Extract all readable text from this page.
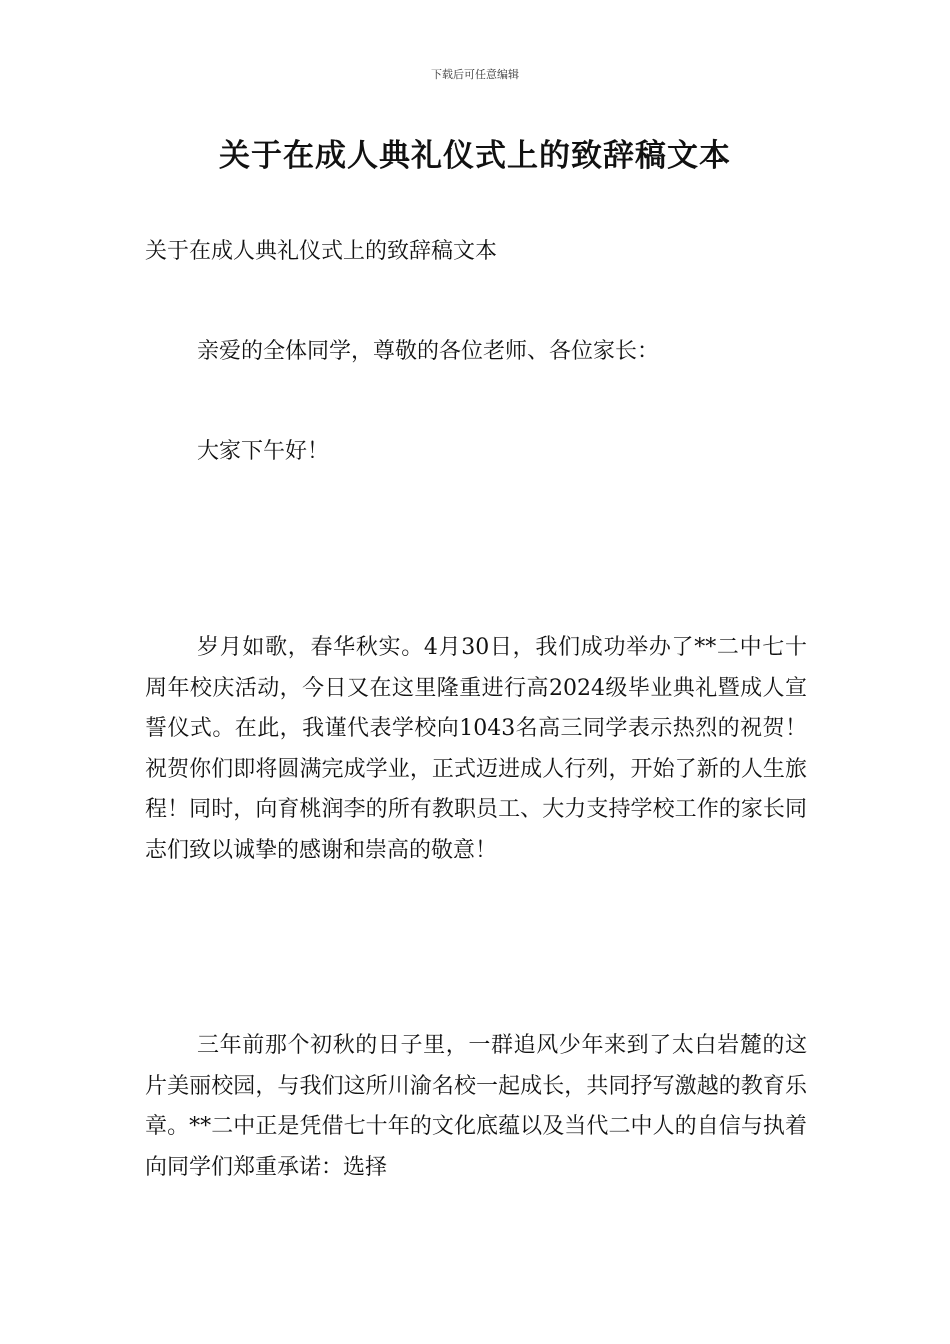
下载后可任意编辑
关于在成人典礼仪式上的致辞稿文本

关于在成人典礼仪式上的致辞稿文本

亲爱的全体同学，尊敬的各位老师、各位家长：

大家下午好！

岁月如歌，春华秋实。4月30日，我们成功举办了**二中七十周年校庆活动，今日又在这里隆重进行高2024级毕业典礼暨成人宣誓仪式。在此，我谨代表学校向1043名高三同学表示热烈的祝贺！祝贺你们即将圆满完成学业，正式迈进成人行列，开始了新的人生旅程！同时，向育桃润李的所有教职员工、大力支持学校工作的家长同志们致以诚挚的感谢和崇高的敬意！

三年前那个初秋的日子里，一群追风少年来到了太白岩麓的这片美丽校园，与我们这所川渝名校一起成长，共同抒写激越的教育乐章。**二中正是凭借七十年的文化底蕴以及当代二中人的自信与执着向同学们郑重承诺：选择
